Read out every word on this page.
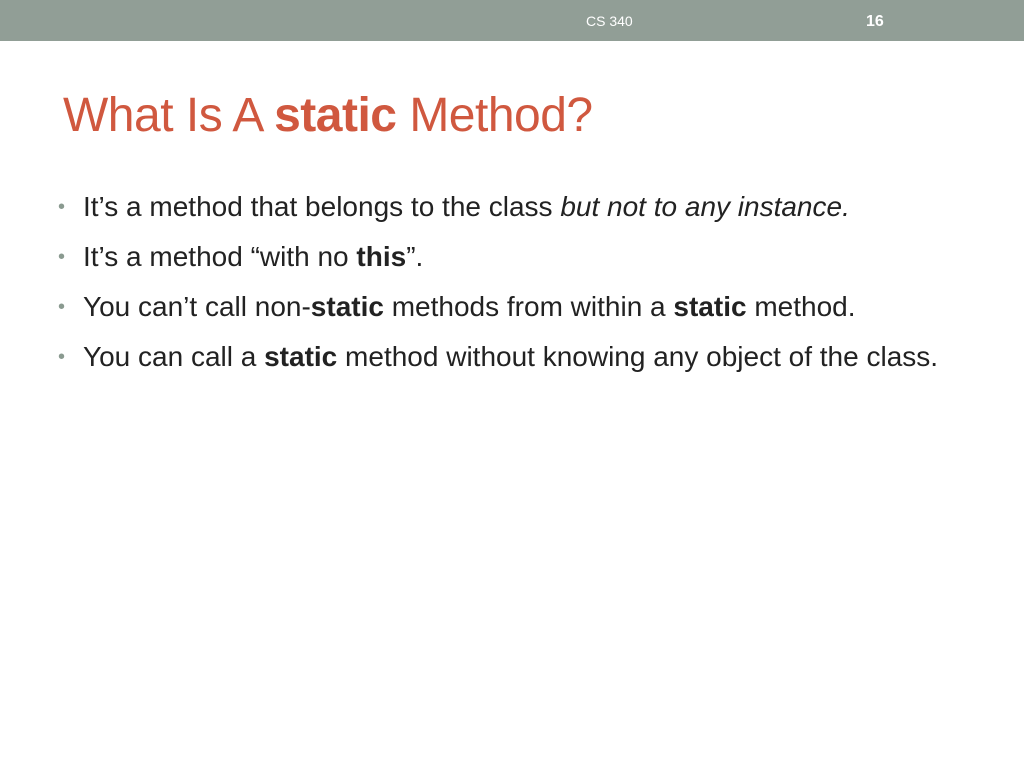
CS 340	16
What Is A static Method?
• It’s a method that belongs to the class but not to any instance.
• It’s a method “with no this”.
• You can’t call non-static methods from within a static method.
• You can call a static method without knowing any object of the class.
